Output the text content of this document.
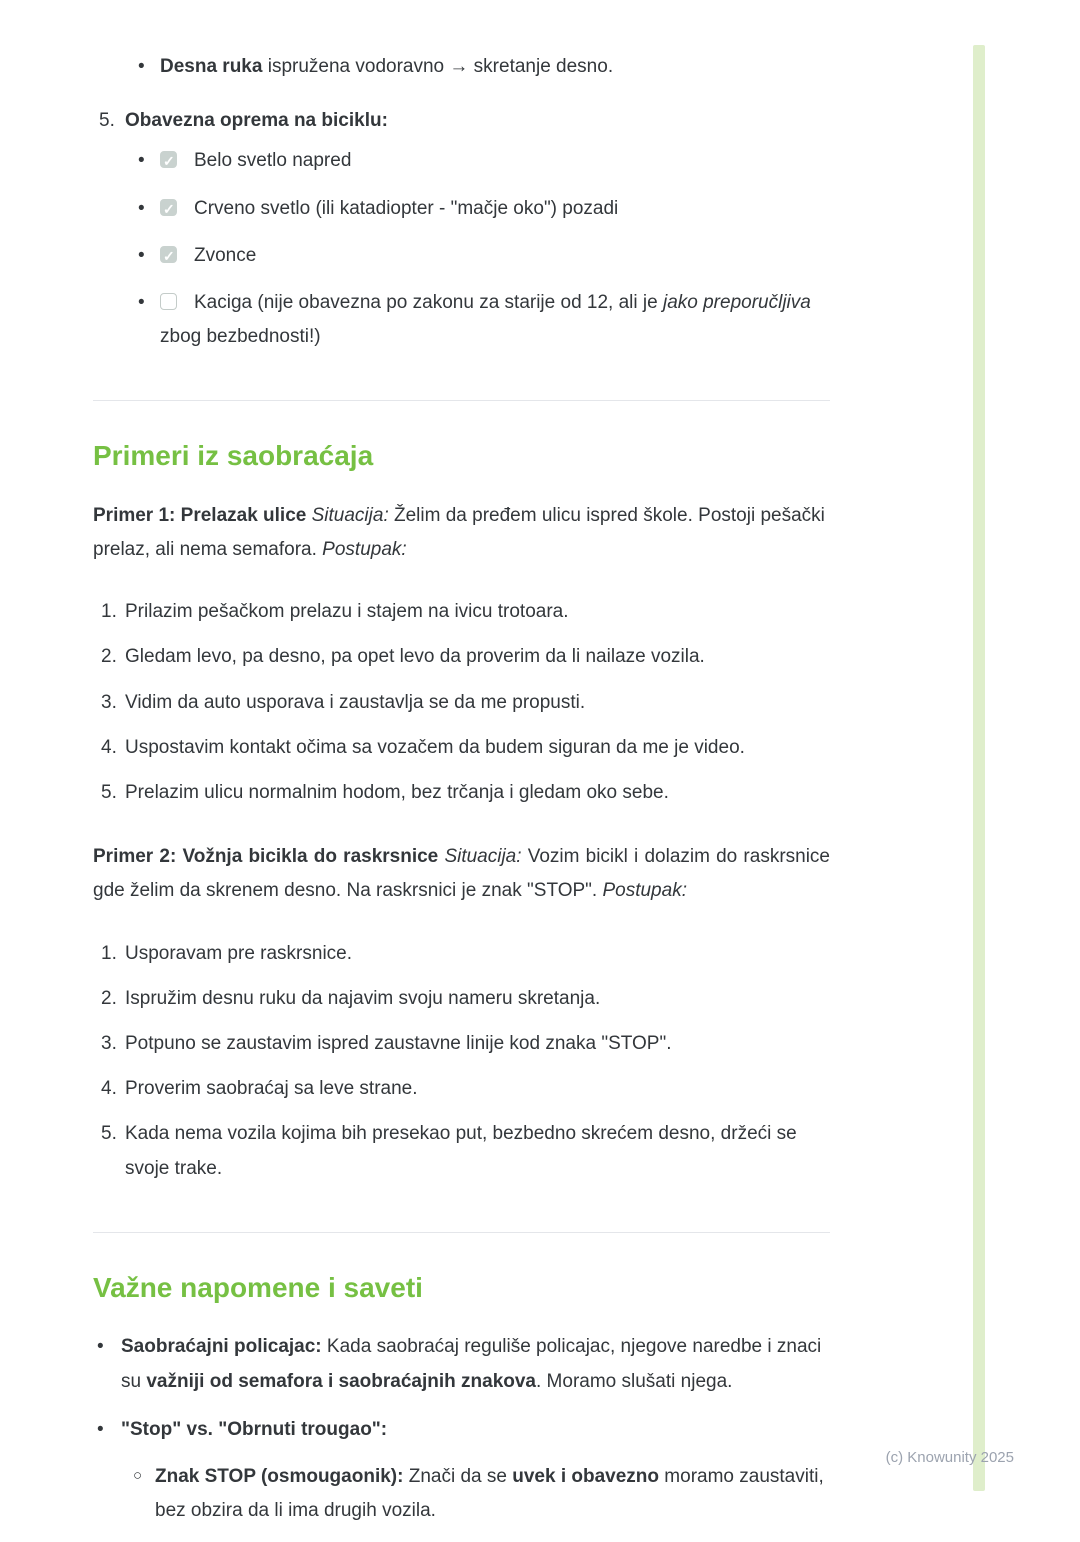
• Desna ruka ispružena vodoravno → skretanje desno.
5. Obavezna oprema na biciklu:
• ✓	Belo svetlo napred
• ✓	Crveno svetlo (ili katadiopter - "mačje oko") pozadi
• ✓	Zvonce
•	Kaciga (nije obavezna po zakonu za starije od 12, ali je jako preporučljiva zbog bezbednosti!)
Primeri iz saobraćaja

Primer 1: Prelazak ulice Situacija: Želim da pređem ulicu ispred škole. Postoji pešački prelaz, ali nema semafora. Postupak:

1. Prilazim pešačkom prelazu i stajem na ivicu trotoara.
2. Gledam levo, pa desno, pa opet levo da proverim da li nailaze vozila.
3. Vidim da auto usporava i zaustavlja se da me propusti.
4. Uspostavim kontakt očima sa vozačem da budem siguran da me je video.
5. Prelazim ulicu normalnim hodom, bez trčanja i gledam oko sebe.

Primer 2: Vožnja bicikla do raskrsnice Situacija: Vozim bicikl i dolazim do raskrsnice gde želim da skrenem desno. Na raskrsnici je znak "STOP". Postupak:

1. Usporavam pre raskrsnice.
2. Ispružim desnu ruku da najavim svoju nameru skretanja.
3. Potpuno se zaustavim ispred zaustavne linije kod znaka "STOP".
4. Proverim saobraćaj sa leve strane.
5. Kada nema vozila kojima bih presekao put, bezbedno skrećem desno, držeći se svoje trake.
Važne napomene i saveti
• Saobraćajni policajac: Kada saobraćaj reguliše policajac, njegove naredbe i znaci su važniji od semafora i saobraćajnih znakova. Moramo slušati njega.
• "Stop" vs. "Obrnuti trougao":
○ Znak STOP (osmougaonik): Znači da se uvek i obavezno moramo zaustaviti, bez obzira da li ima drugih vozila.
(c) Knowunity 2025
